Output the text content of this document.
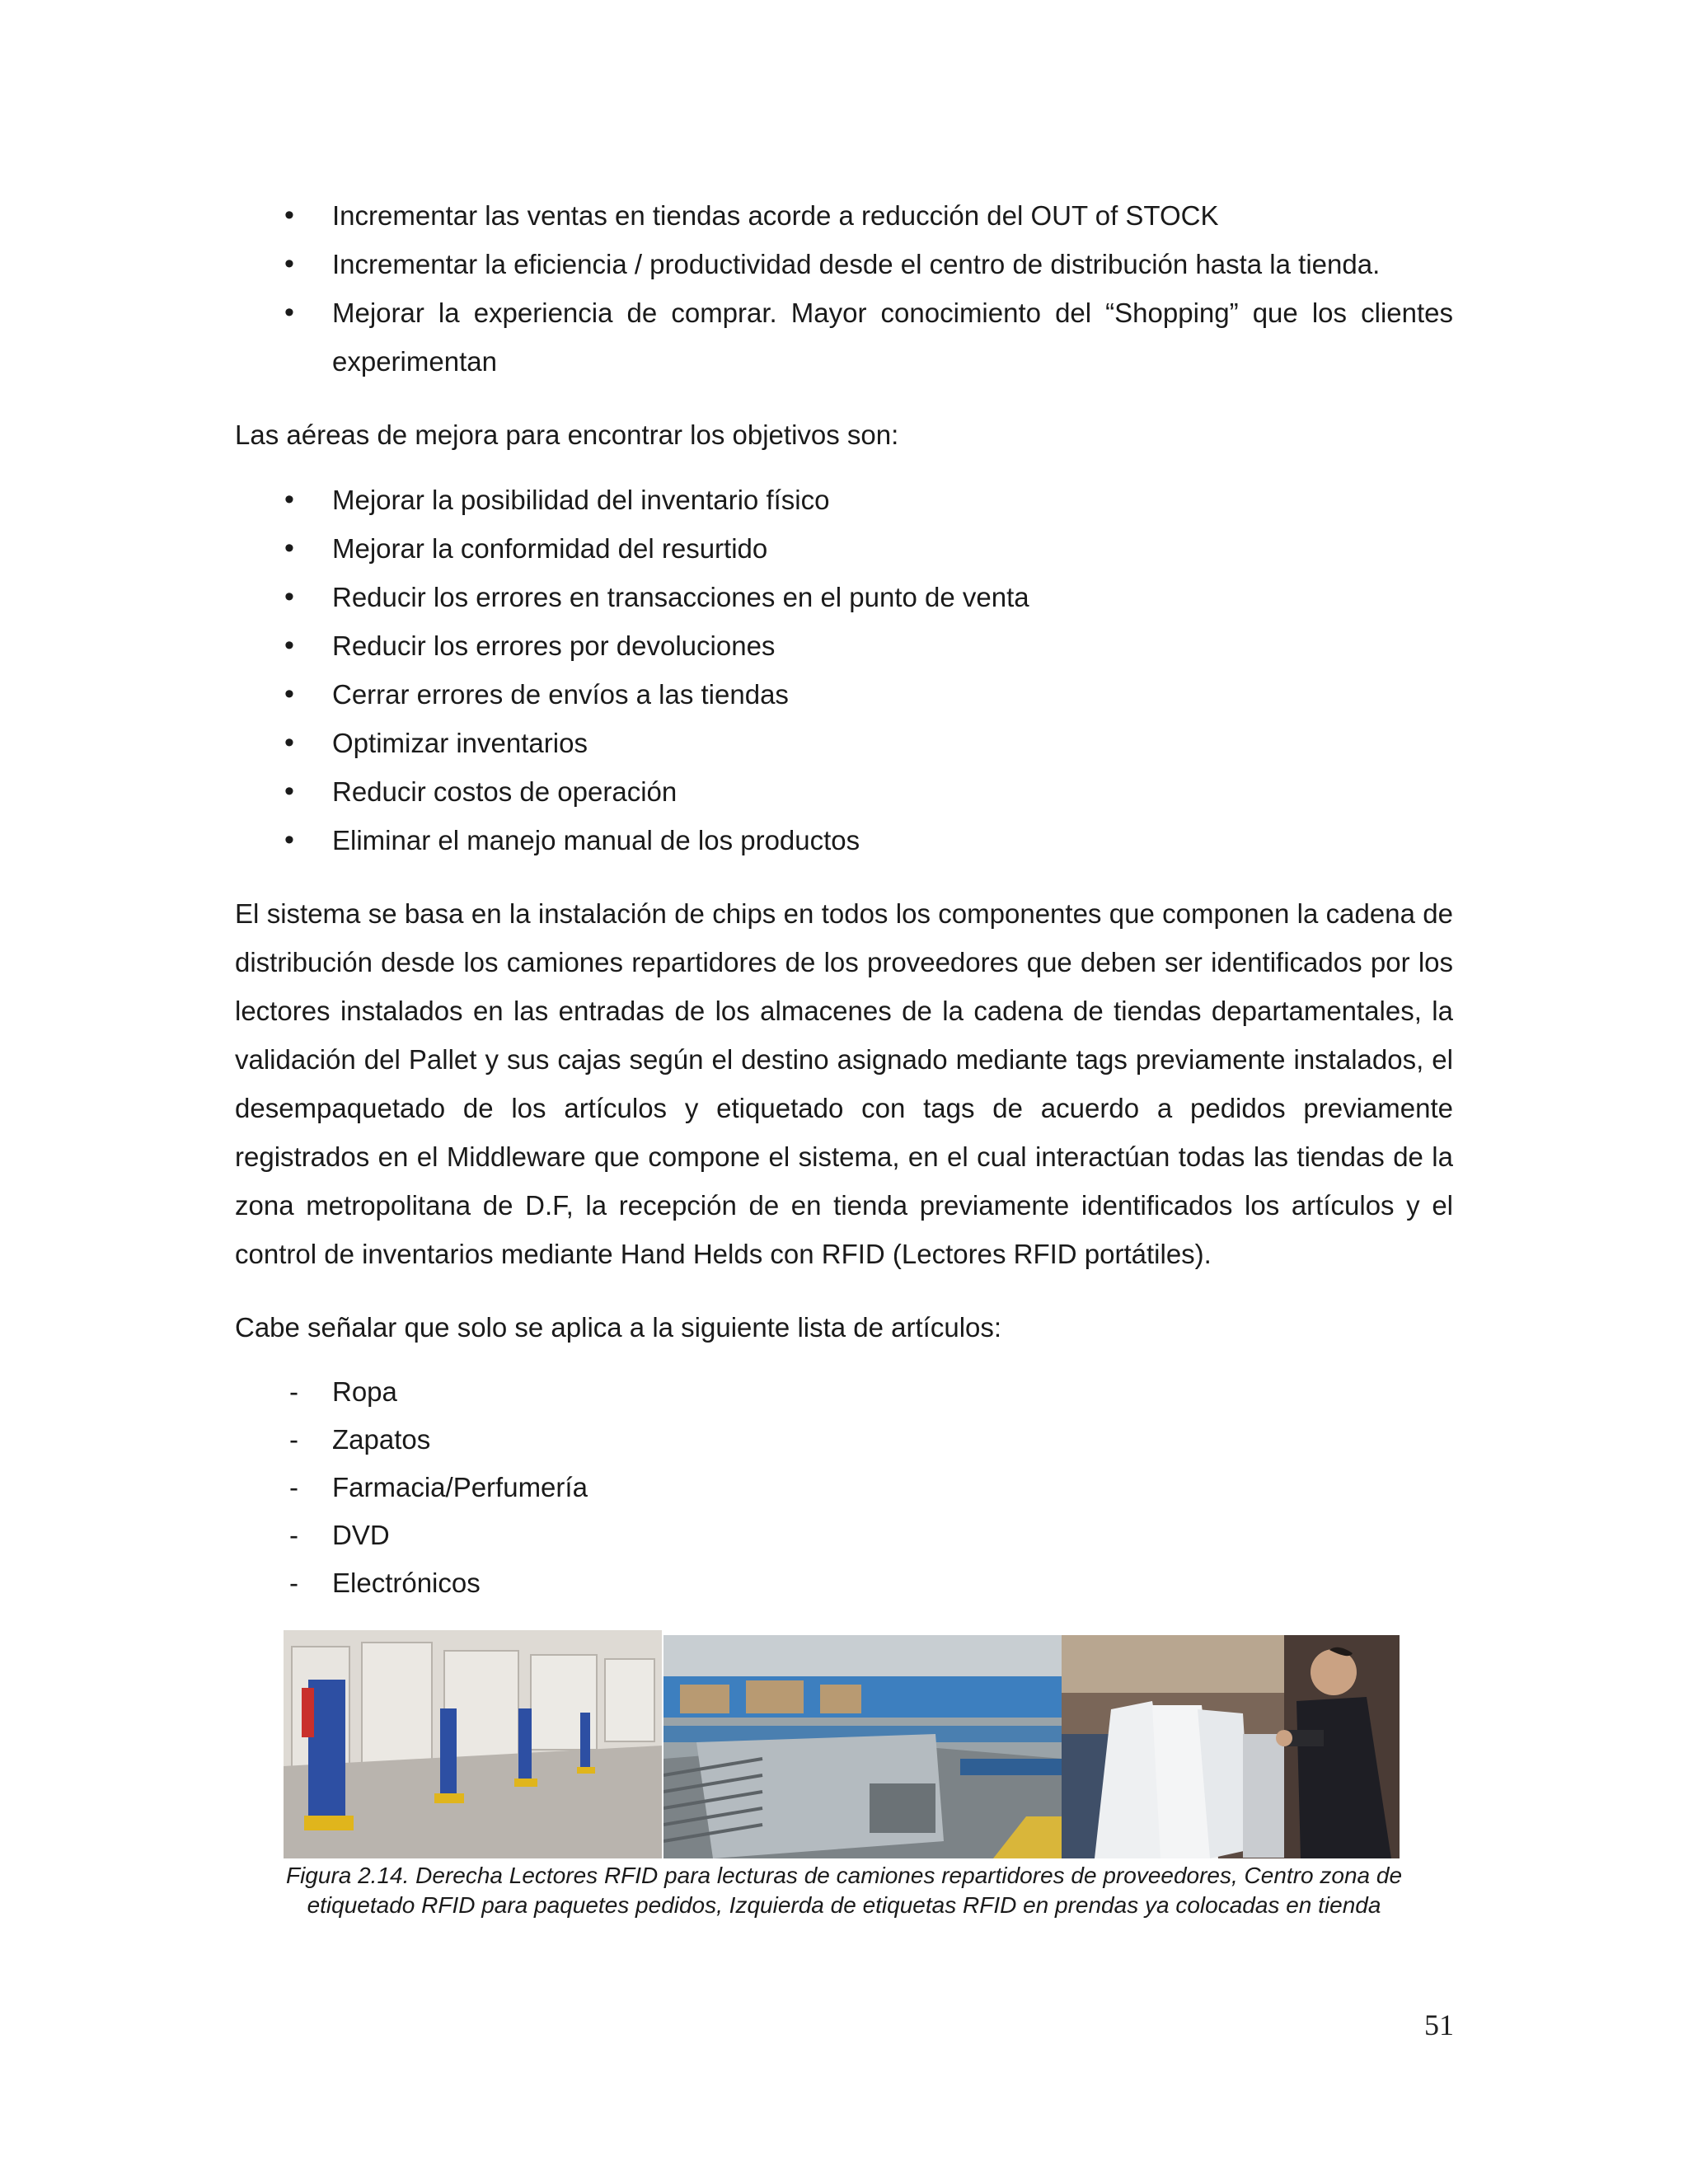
• Incrementar las ventas en tiendas acorde a reducción del OUT of STOCK
• Incrementar la eficiencia / productividad desde el centro de distribución hasta la tienda.
• Mejorar la experiencia de comprar. Mayor conocimiento del “Shopping” que los clientes experimentan

Las aéreas de mejora para encontrar los objetivos son:

• Mejorar la posibilidad del inventario físico
• Mejorar la conformidad del resurtido
• Reducir los errores en transacciones en el punto de venta
• Reducir los errores por devoluciones
• Cerrar errores de envíos a las tiendas
• Optimizar inventarios
• Reducir costos de operación
• Eliminar el manejo manual de los productos

El sistema se basa en la instalación de chips en todos los componentes que componen la cadena de distribución desde los camiones repartidores de los proveedores que deben ser identificados por los lectores instalados en las entradas de los almacenes de la cadena de tiendas departamentales, la validación del Pallet y sus cajas según el destino asignado mediante tags previamente instalados, el desempaquetado de los artículos y etiquetado con tags de acuerdo a pedidos previamente registrados en el Middleware que compone el sistema, en el cual interactúan todas las tiendas de la zona metropolitana de D.F, la recepción de en tienda previamente identificados los artículos y el control de inventarios mediante Hand Helds con RFID (Lectores RFID portátiles).

Cabe señalar que solo se aplica a la siguiente lista de artículos:

- Ropa
- Zapatos
- Farmacia/Perfumería
- DVD
- Electrónicos
Figura 2.14. Derecha Lectores RFID para lecturas de camiones repartidores de proveedores, Centro zona de etiquetado RFID para paquetes pedidos, Izquierda de etiquetas RFID en prendas ya colocadas en tienda
51
